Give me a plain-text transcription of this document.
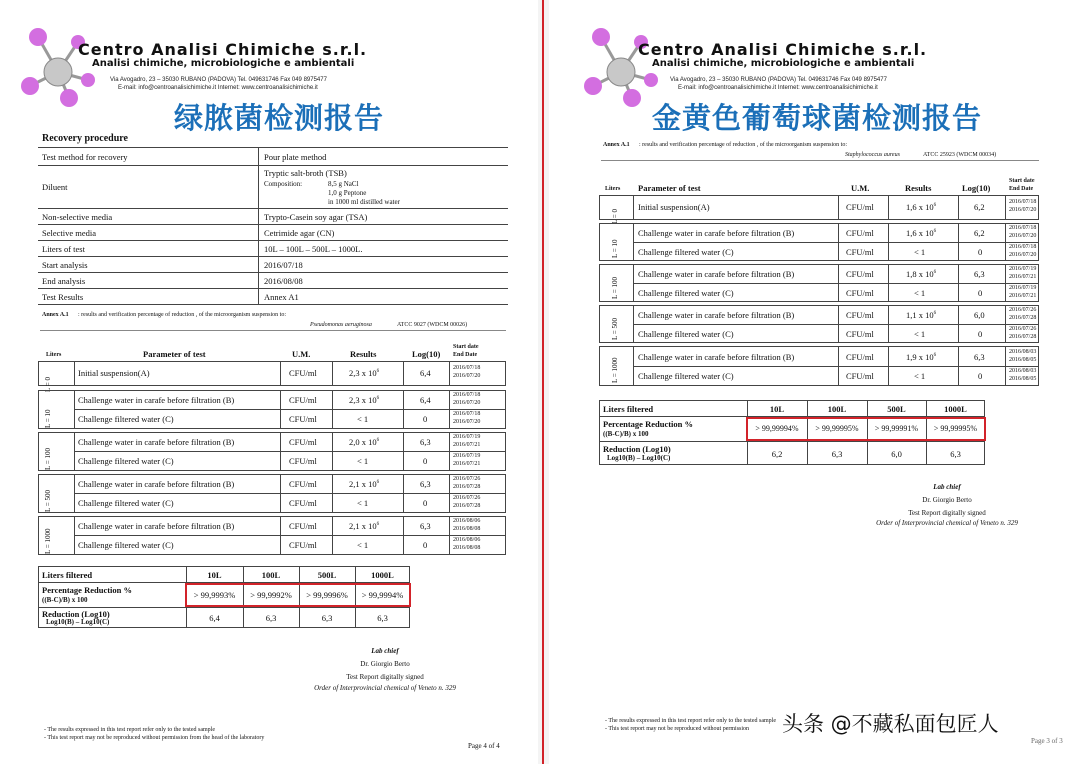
Centro Analisi Chimiche s.r.l.
Analisi chimiche, microbiologiche e ambientali
Via Avogadro, 23 – 35030 RUBANO (PADOVA) Tel. 049631746 Fax 049 8975477
E-mail: info@centroanalisichimiche.it Internet: www.centroanalisichimiche.it
绿脓菌检测报告
Recovery procedure
Test method for recovery	Pour plate method
Diluent
Tryptic salt-broth (TSB)
Composition:	8,5 g NaCl
1,0 g Peptone
in 1000 ml distilled water
Non-selective media	Trypto-Casein soy agar (TSA)
Selective media	Cetrimide agar (CN)
Liters of test	10L – 100L – 500L – 1000L.
Start analysis	2016/07/18
End analysis	2016/08/08
Test Results	Annex A1
Annex A.1 : results and verification percentage of reduction , of the microorganism suspension to:
Pseudomonas aeruginosa	ATCC 9027 (WDCM 00026)
Liters	Parameter of test	U.M.	Results	Log(10)
Start date
End Date
L = 0
Initial suspension(A)	CFU/ml	2,3 x $10^6$	6,4	2016/07/18
2016/07/20
L = 10
Challenge water in carafe before filtration (B)	CFU/ml	2,3 x $10^6$	6,4	2016/07/18
2016/07/20
Challenge filtered water (C)	CFU/ml	< 1	0	2016/07/18
2016/07/20
L = 100
Challenge water in carafe before filtration (B)	CFU/ml	2,0 x $10^6$	6,3	2016/07/19
2016/07/21
Challenge filtered water (C)	CFU/ml	< 1	0	2016/07/19
2016/07/21
L = 500
Challenge water in carafe before filtration (B)	CFU/ml	2,1 x $10^6$	6,3	2016/07/26
2016/07/28
Challenge filtered water (C)	CFU/ml	< 1	0	2016/07/26
2016/07/28
L = 1000
Challenge water in carafe before filtration (B)	CFU/ml	2,1 x $10^6$	6,3	2016/08/06
2016/08/08
Challenge filtered water (C)	CFU/ml	< 1	0	2016/08/06
2016/08/08
Liters filtered	10L	100L	500L	1000L
Percentage Reduction %
((B-C)/B) x 100	> 99,9993%	> 99,9992%	> 99,9996%	> 99,9994%
Reduction (Log10)
Log10(B) – Log10(C)	6,4	6,3	6,3	6,3
Lab chief
Dr. Giorgio Berto
Test Report digitally signed
Order of Interprovincial chemical of Veneto n. 329
- The results expressed in this test report refer only to the tested sample
- This test report may not be reproduced without permission from the head of the laboratory
Page 4 of 4
Centro Analisi Chimiche s.r.l.
Analisi chimiche, microbiologiche e ambientali
Via Avogadro, 23 – 35030 RUBANO (PADOVA) Tel. 049631746 Fax 049 8975477
E-mail: info@centroanalisichimiche.it Internet: www.centroanalisichimiche.it
金黄色葡萄球菌检测报告
Annex A.1 : results and verification percentage of reduction , of the microorganism suspension to:
Staphylococcus aureus	ATCC 25923 (WDCM 00034)
Liters Parameter of test	U.M.	Results	Log(10)
Start date
End Date
L = 0
Initial suspension(A)	CFU/ml	1,6 x $10^6$	6,2	2016/07/18
2016/07/20
L = 10
Challenge water in carafe before filtration (B)	CFU/ml	1,6 x $10^6$	6,2	2016/07/18
2016/07/20
Challenge filtered water (C)	CFU/ml	< 1	0	2016/07/18
2016/07/20
L = 100
Challenge water in carafe before filtration (B)	CFU/ml	1,8 x $10^6$	6,3	2016/07/19
2016/07/21
Challenge filtered water (C)	CFU/ml	< 1	0	2016/07/19
2016/07/21
L = 500
Challenge water in carafe before filtration (B)	CFU/ml	1,1 x $10^6$	6,0	2016/07/26
2016/07/28
Challenge filtered water (C)	CFU/ml	< 1	0	2016/07/26
2016/07/28
L = 1000
Challenge water in carafe before filtration (B)	CFU/ml	1,9 x $10^6$	6,3	2016/08/03
2016/08/05
Challenge filtered water (C)	CFU/ml	< 1	0	2016/08/03
2016/08/05
Liters filtered	10L	100L	500L	1000L
Percentage Reduction %
((B-C)/B) x 100
> 99,99994%	> 99,99995%	> 99,99991%	> 99,99995%
Reduction (Log10)
Log10(B) – Log10(C)	6,2	6,3	6,0	6,3
Lab chief
Dr. Giorgio Berto
Test Report digitally signed
Order of Interprovincial chemical of Veneto n. 329
- The results expressed in this test report refer only to the tested sample
- This test report may not be reproduced without permission
Page 3 of 3
头条 @不藏私面包匠人
